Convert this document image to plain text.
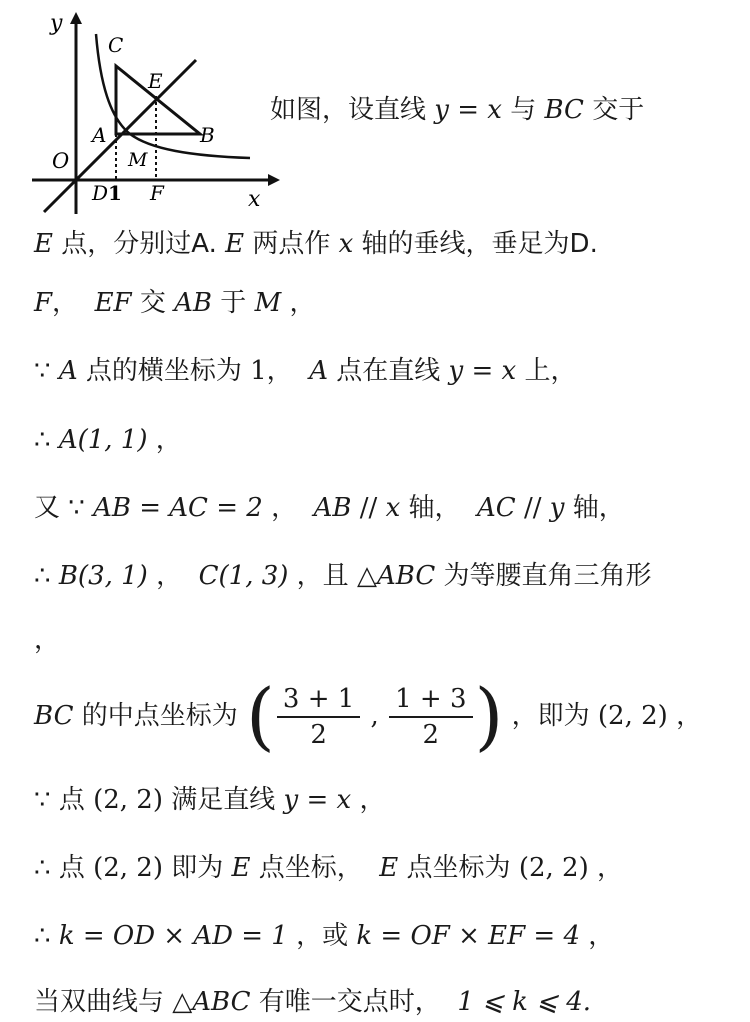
y
x
O
C
E
A	B
M
D 1 F
如图，设直线 y = x 与 BC 交于
E 点，分别过A. E 两点作 x 轴的垂线，垂足为D.
F，  EF 交 AB 于 M ，
∵ A 点的横坐标为 1，  A 点在直线 y = x 上，
∴ A(1, 1) ，
又 ∵ AB = AC = 2 ，  AB // x 轴，  AC // y 轴，
∴ B(3, 1) ，  C(1, 3) ，且 △ABC 为等腰直角三角形
，
BC 的中点坐标为 ( $\frac{3 + 1}{2}$ , $\frac{1 + 3}{2}$ ) ，即为 (2, 2) ，
∵ 点 (2, 2) 满足直线 y = x ，
∴ 点 (2, 2) 即为 E 点坐标，  E 点坐标为 (2, 2) ，
∴ k = OD × AD = 1 ，或 k = OF × EF = 4 ，
当双曲线与 △ABC 有唯一交点时，  1 ⩽ k ⩽ 4.
